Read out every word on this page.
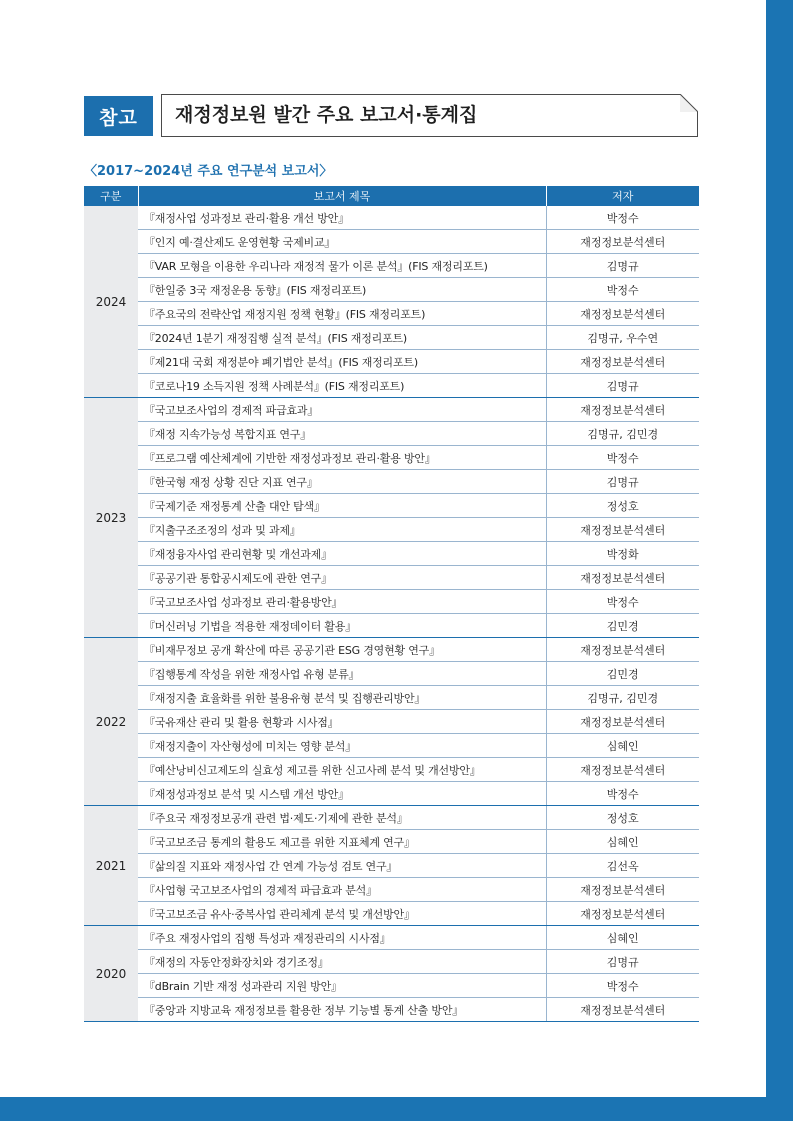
참고	재정정보원 발간 주요 보고서·통계집
〈2017~2024년 주요 연구분석 보고서〉
구분	보고서 제목	저자
2024	『재정사업 성과정보 관리·활용 개선 방안』	박정수
	『인지 예·결산제도 운영현황 국제비교』	재정정보분석센터
	『VAR 모형을 이용한 우리나라 재정적 물가 이론 분석』(FIS 재정리포트)	김명규
	『한일중 3국 재정운용 동향』(FIS 재정리포트)	박정수
	『주요국의 전략산업 재정지원 정책 현황』(FIS 재정리포트)	재정정보분석센터
	『2024년 1분기 재정집행 실적 분석』(FIS 재정리포트)	김명규, 우수연
	『제21대 국회 재정분야 폐기법안 분석』(FIS 재정리포트)	재정정보분석센터
	『코로나19 소득지원 정책 사례분석』(FIS 재정리포트)	김명규
2023	『국고보조사업의 경제적 파급효과』	재정정보분석센터
	『재정 지속가능성 복합지표 연구』	김명규, 김민경
	『프로그램 예산체계에 기반한 재정성과정보 관리·활용 방안』	박정수
	『한국형 재정 상황 진단 지표 연구』	김명규
	『국제기준 재정통계 산출 대안 탐색』	정성호
	『지출구조조정의 성과 및 과제』	재정정보분석센터
	『재정융자사업 관리현황 및 개선과제』	박정화
	『공공기관 통합공시제도에 관한 연구』	재정정보분석센터
	『국고보조사업 성과정보 관리·활용방안』	박정수
	『머신러닝 기법을 적용한 재정데이터 활용』	김민경
2022	『비재무정보 공개 확산에 따른 공공기관 ESG 경영현황 연구』	재정정보분석센터
	『집행통계 작성을 위한 재정사업 유형 분류』	김민경
	『재정지출 효율화를 위한 불용유형 분석 및 집행관리방안』	김명규, 김민경
	『국유재산 관리 및 활용 현황과 시사점』	재정정보분석센터
	『재정지출이 자산형성에 미치는 영향 분석』	심혜인
	『예산낭비신고제도의 실효성 제고를 위한 신고사례 분석 및 개선방안』	재정정보분석센터
	『재정성과정보 분석 및 시스템 개선 방안』	박정수
2021	『주요국 재정정보공개 관련 법·제도·기제에 관한 분석』	정성호
	『국고보조금 통계의 활용도 제고를 위한 지표체계 연구』	심혜인
	『삶의질 지표와 재정사업 간 연계 가능성 검토 연구』	김선옥
	『사업형 국고보조사업의 경제적 파급효과 분석』	재정정보분석센터
	『국고보조금 유사·중복사업 관리체계 분석 및 개선방안』	재정정보분석센터
2020	『주요 재정사업의 집행 특성과 재정관리의 시사점』	심혜인
	『재정의 자동안정화장치와 경기조정』	김명규
	『dBrain 기반 재정 성과관리 지원 방안』	박정수
	『중앙과 지방교육 재정정보를 활용한 정부 기능별 통계 산출 방안』	재정정보분석센터
